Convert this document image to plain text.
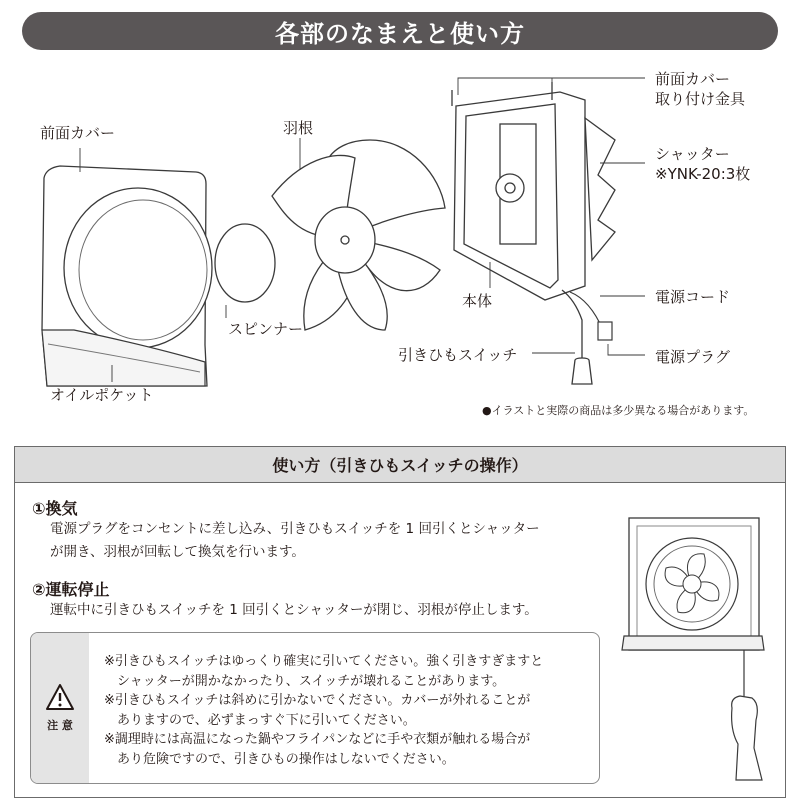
各部のなまえと使い方
前面カバー	羽根
スピンナー
オイルポケット
前面カバー
取り付け金具
シャッター
※YNK-20:3枚
本体	電源コード
引きひもスイッチ	電源プラグ
●イラストと実際の商品は多少異なる場合があります。
使い方（引きひもスイッチの操作）
①換気
電源プラグをコンセントに差し込み、引きひもスイッチを 1 回引くとシャッター
が開き、羽根が回転して換気を行います。
②運転停止
運転中に引きひもスイッチを 1 回引くとシャッターが閉じ、羽根が停止します。
注 意
※引きひもスイッチはゆっくり確実に引いてください。強く引きすぎますと
　シャッターが開かなかったり、スイッチが壊れることがあります。
※引きひもスイッチは斜めに引かないでください。カバーが外れることが
　ありますので、必ずまっすぐ下に引いてください。
※調理時には高温になった鍋やフライパンなどに手や衣類が触れる場合が
　あり危険ですので、引きひもの操作はしないでください。
